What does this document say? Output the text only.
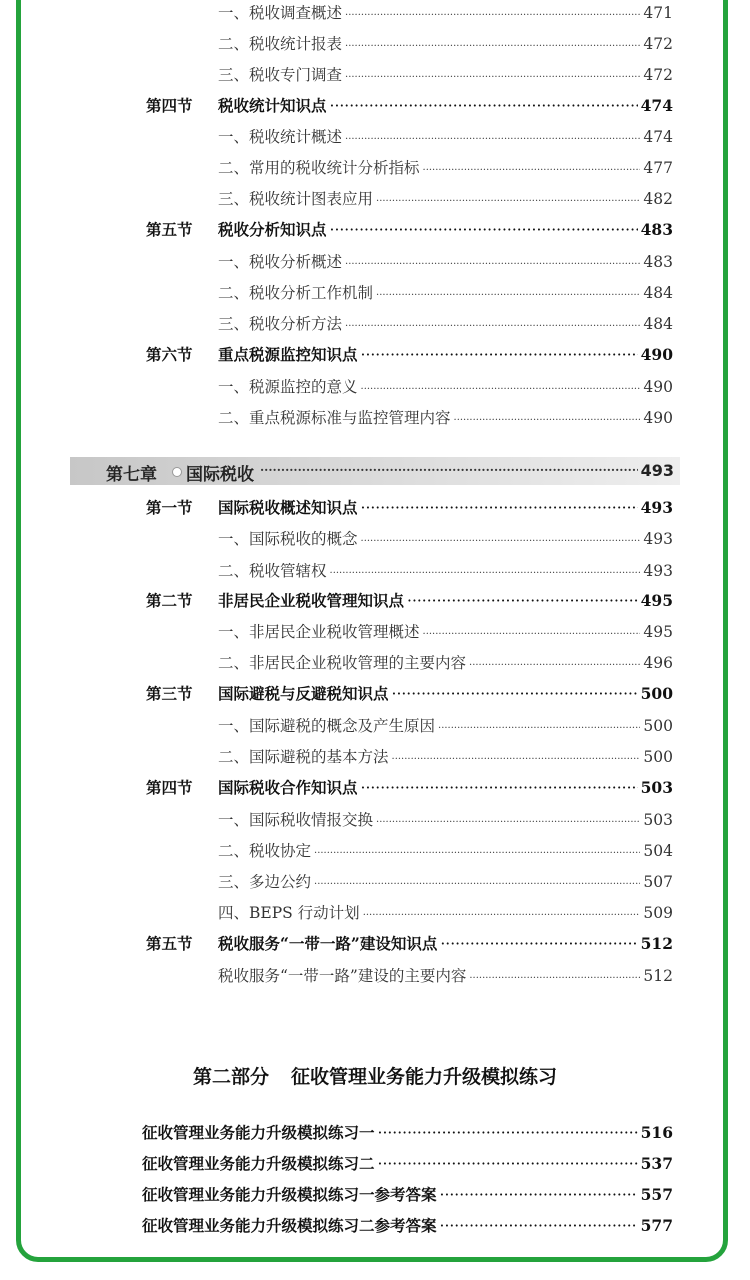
一、税收调查概述 ·····	471
二、税收统计报表 ·····	472
三、税收专门调查 ·····	472
第四节	税收统计知识点 ·····	474
一、税收统计概述 ·····	474
二、常用的税收统计分析指标 ·····	477
三、税收统计图表应用 ·····	482
第五节	税收分析知识点 ·····	483
一、税收分析概述 ·····	483
二、税收分析工作机制 ·····	484
三、税收分析方法 ·····	484
第六节	重点税源监控知识点 ·····	490
一、税源监控的意义 ·····	490
二、重点税源标准与监控管理内容 ·····	490
第七章 国际税收 ·····	493
第一节	国际税收概述知识点 ·····	493
一、国际税收的概念 ·····	493
二、税收管辖权 ·····	493
第二节	非居民企业税收管理知识点 ·····	495
一、非居民企业税收管理概述 ·····	495
二、非居民企业税收管理的主要内容 ·····	496
第三节	国际避税与反避税知识点 ·····	500
一、国际避税的概念及产生原因 ·····	500
二、国际避税的基本方法 ·····	500
第四节	国际税收合作知识点 ·····	503
一、国际税收情报交换 ·····	503
二、税收协定 ·····	504
三、多边公约 ·····	507
四、BEPS 行动计划 ·····	509
第五节	税收服务“一带一路”建设知识点 ·····	512
税收服务“一带一路”建设的主要内容 ·····	512
第二部分 征收管理业务能力升级模拟练习
征收管理业务能力升级模拟练习一 ·····	516
征收管理业务能力升级模拟练习二 ·····	537
征收管理业务能力升级模拟练习一参考答案 ·····	557
征收管理业务能力升级模拟练习二参考答案 ·····	577
